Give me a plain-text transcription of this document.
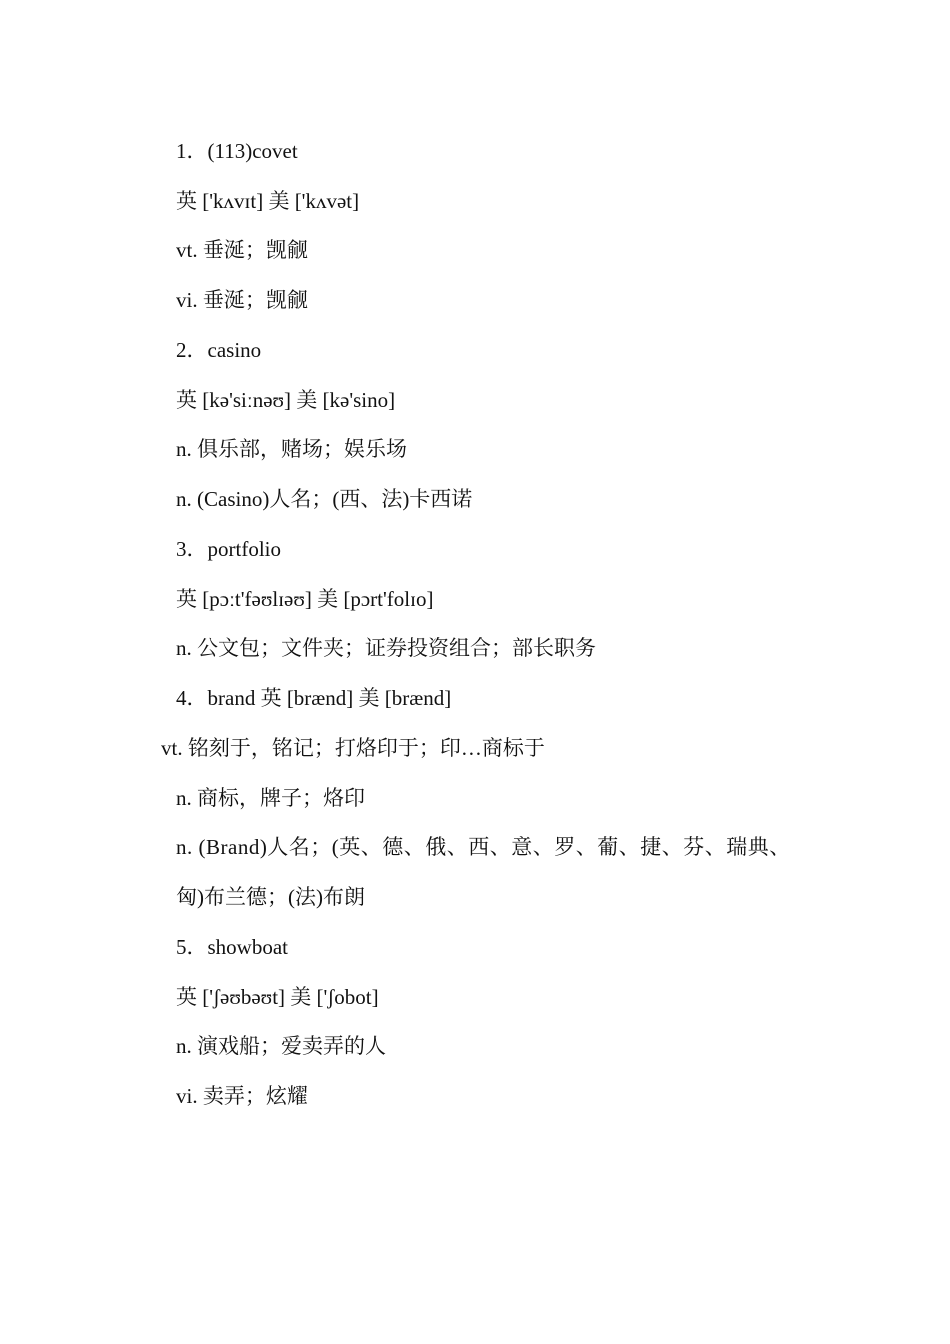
1．(113)covet
英 ['kʌvɪt] 美 ['kʌvət]
vt. 垂涎；觊觎
vi. 垂涎；觊觎
2．casino
英 [kə'siːnəʊ] 美 [kə'sino]
n. 俱乐部，赌场；娱乐场
n. (Casino)人名；(西、法)卡西诺
3．portfolio
英 [pɔːt'fəʊlɪəʊ] 美 [pɔrt'folɪo]
n. 公文包；文件夹；证券投资组合；部长职务
4．brand 英 [brænd] 美 [brænd]
vt. 铭刻于，铭记；打烙印于；印…商标于
n. 商标，牌子；烙印
n. (Brand)人名；(英、德、俄、西、意、罗、葡、捷、芬、瑞典、
匈)布兰德；(法)布朗
5．showboat
英 ['ʃəʊbəʊt] 美 ['ʃobot]
n. 演戏船；爱卖弄的人
vi. 卖弄；炫耀
